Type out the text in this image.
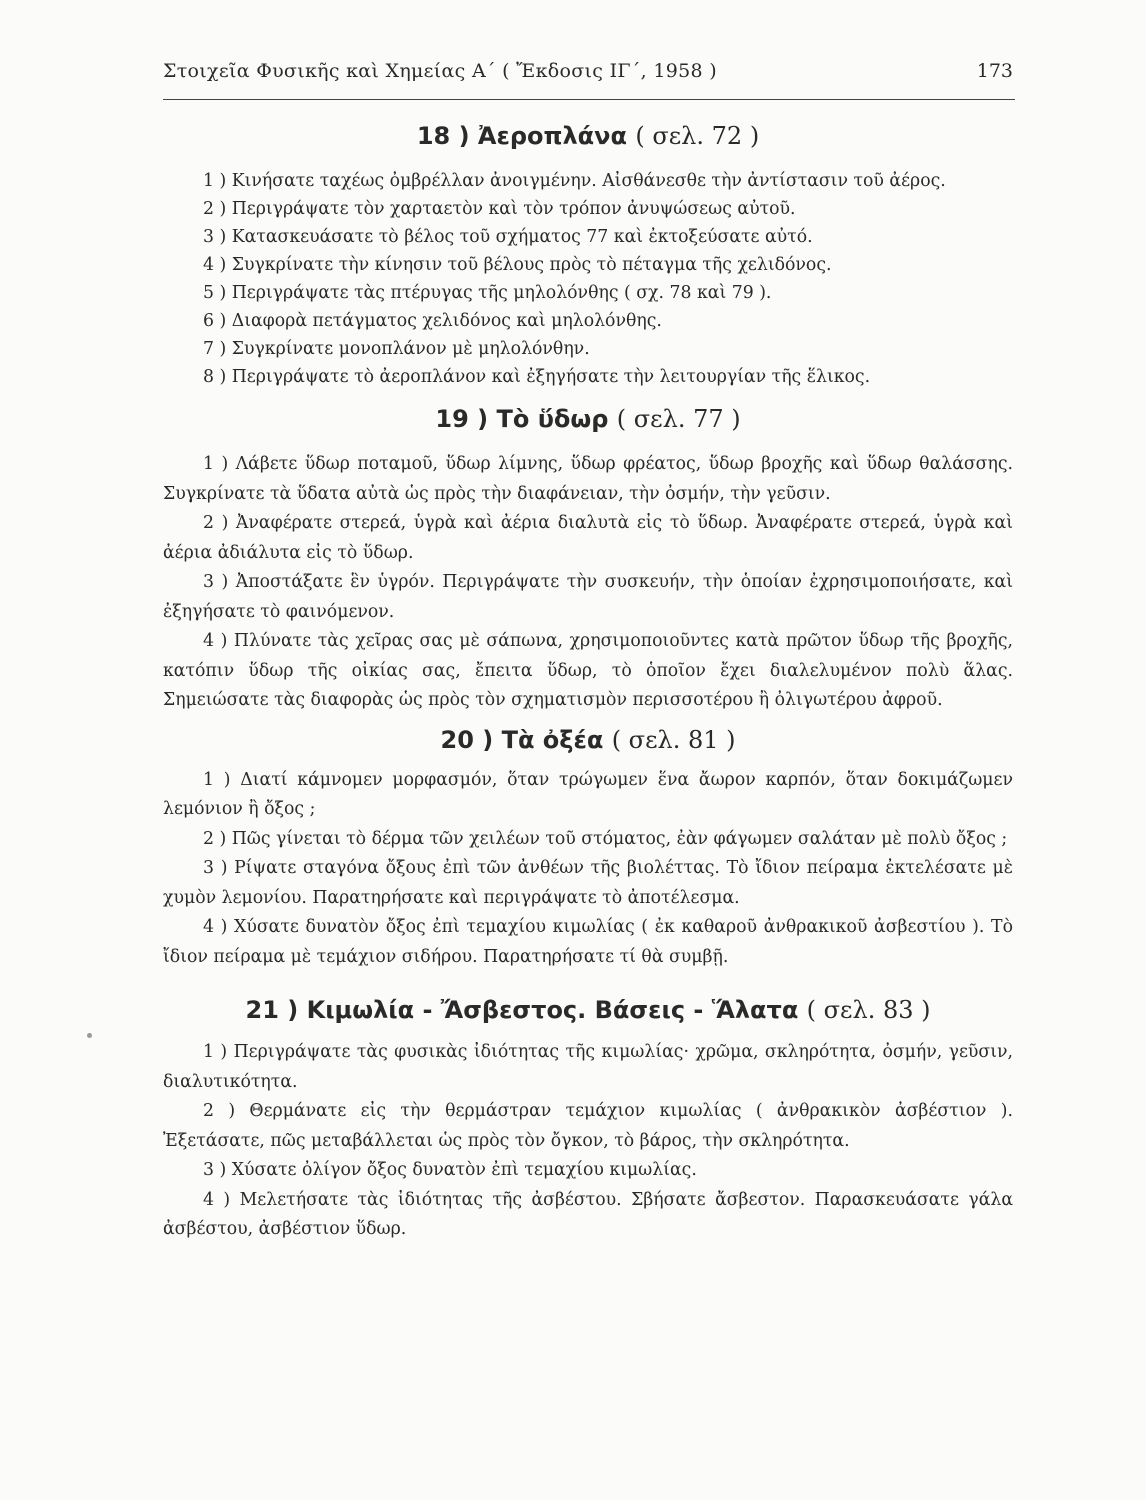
Στοιχεῖα Φυσικῆς καὶ Χημείας Α΄ ( Ἔκδοσις ΙΓ΄, 1958 )	173
18 ) Ἀεροπλάνα ( σελ. 72 )

1 ) Κινήσατε ταχέως ὀμβρέλλαν ἀνοιγμένην. Αἰσθάνεσθε τὴν ἀντίστασιν τοῦ ἀέρος.

2 ) Περιγράψατε τὸν χαρταετὸν καὶ τὸν τρόπον ἀνυψώσεως αὐτοῦ.

3 ) Κατασκευάσατε τὸ βέλος τοῦ σχήματος 77 καὶ ἐκτοξεύσατε αὐτό.

4 ) Συγκρίνατε τὴν κίνησιν τοῦ βέλους πρὸς τὸ πέταγμα τῆς χελιδόνος.

5 ) Περιγράψατε τὰς πτέρυγας τῆς μηλολόνθης ( σχ. 78 καὶ 79 ).

6 ) Διαφορὰ πετάγματος χελιδόνος καὶ μηλολόνθης.

7 ) Συγκρίνατε μονοπλάνον μὲ μηλολόνθην.

8 ) Περιγράψατε τὸ ἀεροπλάνον καὶ ἐξηγήσατε τὴν λειτουργίαν τῆς ἕλικος.

19 ) Τὸ ὕδωρ ( σελ. 77 )

1 ) Λάβετε ὕδωρ ποταμοῦ, ὕδωρ λίμνης, ὕδωρ φρέατος, ὕδωρ βροχῆς καὶ ὕδωρ θαλάσσης. Συγκρίνατε τὰ ὕδατα αὐτὰ ὡς πρὸς τὴν διαφάνειαν, τὴν ὀσμήν, τὴν γεῦσιν.

2 ) Ἀναφέρατε στερεά, ὑγρὰ καὶ ἀέρια διαλυτὰ εἰς τὸ ὕδωρ. Ἀναφέρατε στερεά, ὑγρὰ καὶ ἀέρια ἀδιάλυτα εἰς τὸ ὕδωρ.

3 ) Ἀποστάξατε ἓν ὑγρόν. Περιγράψατε τὴν συσκευήν, τὴν ὁποίαν ἐχρησιμοποιήσατε, καὶ ἐξηγήσατε τὸ φαινόμενον.

4 ) Πλύνατε τὰς χεῖρας σας μὲ σάπωνα, χρησιμοποιοῦντες κατὰ πρῶτον ὕδωρ τῆς βροχῆς, κατόπιν ὕδωρ τῆς οἰκίας σας, ἔπειτα ὕδωρ, τὸ ὁποῖον ἔχει διαλελυμένον πολὺ ἅλας. Σημειώσατε τὰς διαφορὰς ὡς πρὸς τὸν σχηματισμὸν περισσοτέρου ἢ ὀλιγωτέρου ἀφροῦ.

20 ) Τὰ ὀξέα ( σελ. 81 )

1 ) Διατί κάμνομεν μορφασμόν, ὅταν τρώγωμεν ἕνα ἄωρον καρπόν, ὅταν δοκιμάζωμεν λεμόνιον ἢ ὄξος ;

2 ) Πῶς γίνεται τὸ δέρμα τῶν χειλέων τοῦ στόματος, ἐὰν φάγωμεν σαλάταν μὲ πολὺ ὄξος ;

3 ) Ρίψατε σταγόνα ὄξους ἐπὶ τῶν ἀνθέων τῆς βιολέττας. Τὸ ἴδιον πείραμα ἐκτελέσατε μὲ χυμὸν λεμονίου. Παρατηρήσατε καὶ περιγράψατε τὸ ἀποτέλεσμα.

4 ) Χύσατε δυνατὸν ὄξος ἐπὶ τεμαχίου κιμωλίας ( ἐκ καθαροῦ ἀνθρακικοῦ ἀσβεστίου ). Τὸ ἴδιον πείραμα μὲ τεμάχιον σιδήρου. Παρατηρήσατε τί θὰ συμβῇ.

21 ) Κιμωλία - Ἄσβεστος. Βάσεις - Ἅλατα ( σελ. 83 )

1 ) Περιγράψατε τὰς φυσικὰς ἰδιότητας τῆς κιμωλίας· χρῶμα, σκληρότητα, ὀσμήν, γεῦσιν, διαλυτικότητα.

2 ) Θερμάνατε εἰς τὴν θερμάστραν τεμάχιον κιμωλίας ( ἀνθρακικὸν ἀσβέστιον ). Ἐξετάσατε, πῶς μεταβάλλεται ὡς πρὸς τὸν ὄγκον, τὸ βάρος, τὴν σκληρότητα.

3 ) Χύσατε ὀλίγον ὄξος δυνατὸν ἐπὶ τεμαχίου κιμωλίας.

4 ) Μελετήσατε τὰς ἰδιότητας τῆς ἀσβέστου. Σβήσατε ἄσβεστον. Παρασκευάσατε γάλα ἀσβέστου, ἀσβέστιον ὕδωρ.
